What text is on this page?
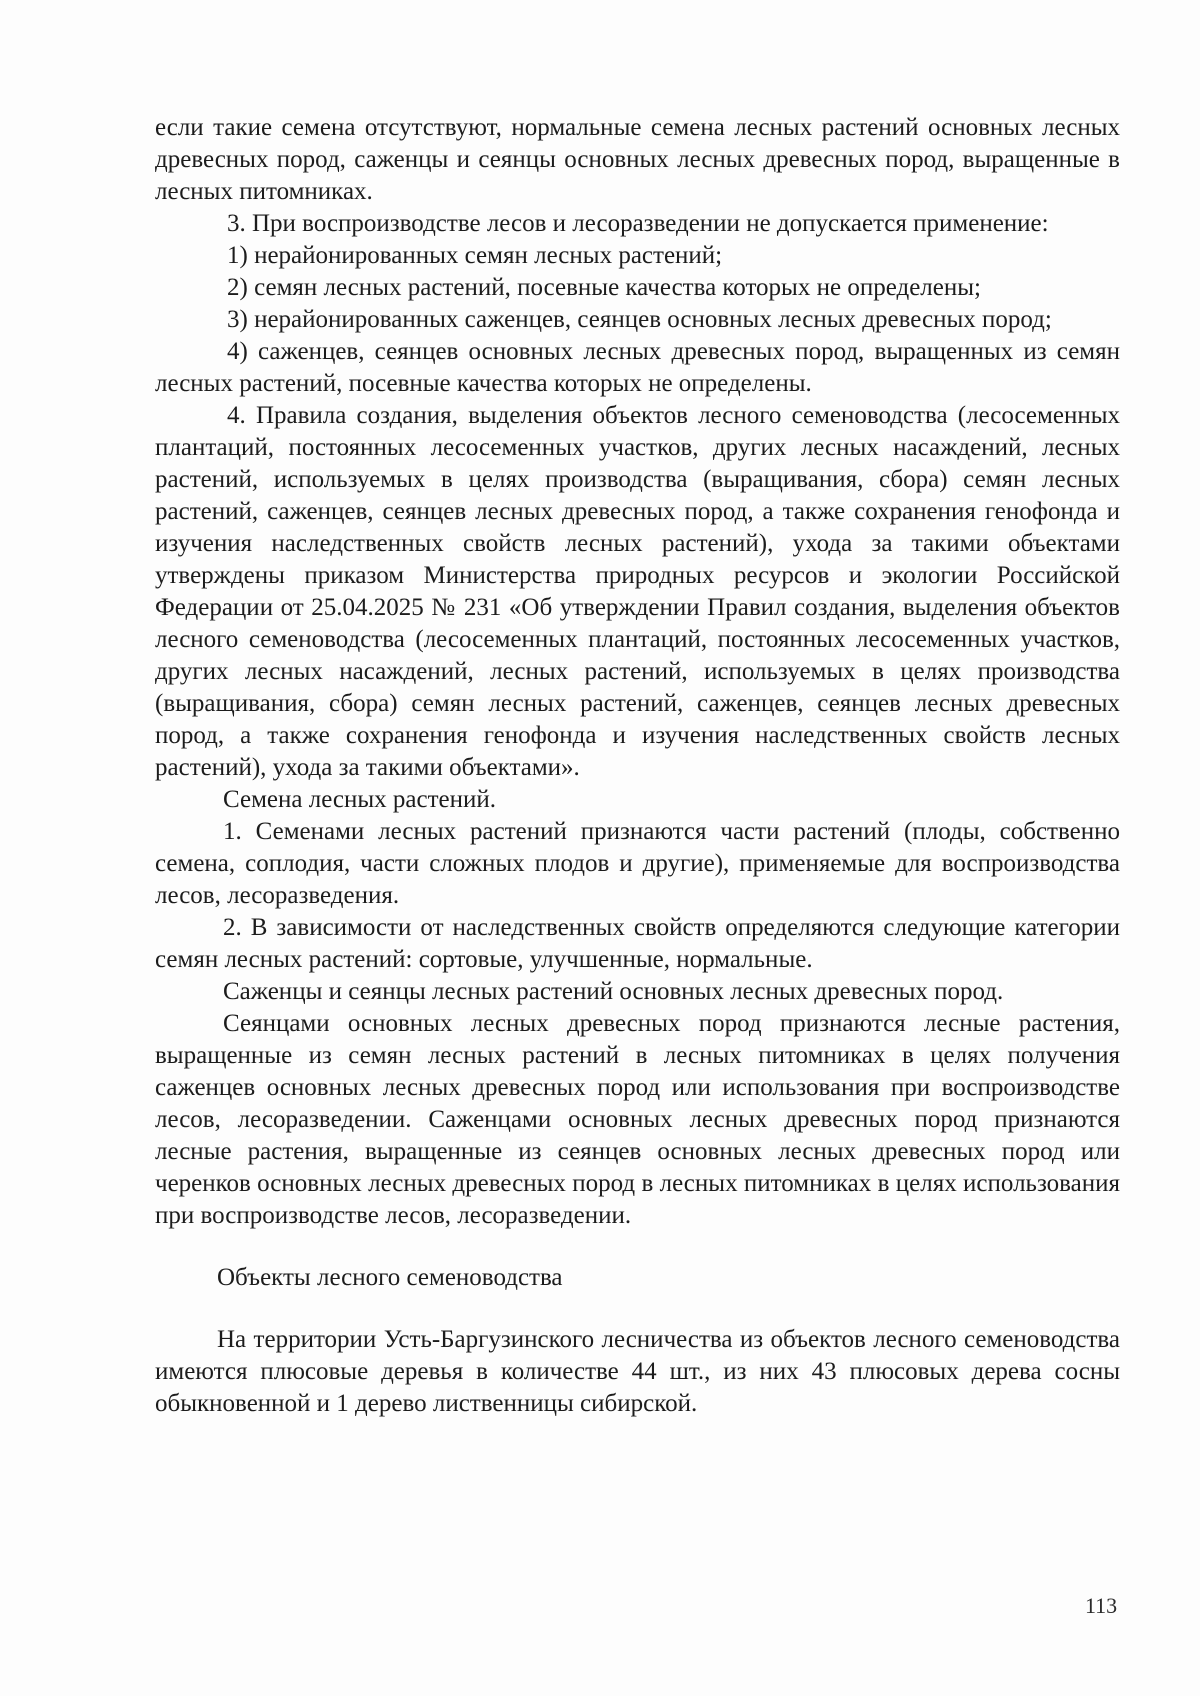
если такие семена отсутствуют, нормальные семена лесных растений основных лесных древесных пород, саженцы и сеянцы основных лесных древесных пород, выращенные в лесных питомниках.

3. При воспроизводстве лесов и лесоразведении не допускается применение:

1) нерайонированных семян лесных растений;

2) семян лесных растений, посевные качества которых не определены;

3) нерайонированных саженцев, сеянцев основных лесных древесных пород;

4) саженцев, сеянцев основных лесных древесных пород, выращенных из семян лесных растений, посевные качества которых не определены.

4. Правила создания, выделения объектов лесного семеноводства (лесосеменных плантаций, постоянных лесосеменных участков, других лесных насаждений, лесных растений, используемых в целях производства (выращивания, сбора) семян лесных растений, саженцев, сеянцев лесных древесных пород, а также сохранения генофонда и изучения наследственных свойств лесных растений), ухода за такими объектами утверждены приказом Министерства природных ресурсов и экологии Российской Федерации от 25.04.2025 № 231 «Об утверждении Правил создания, выделения объектов лесного семеноводства (лесосеменных плантаций, постоянных лесосеменных участков, других лесных насаждений, лесных растений, используемых в целях производства (выращивания, сбора) семян лесных растений, саженцев, сеянцев лесных древесных пород, а также сохранения генофонда и изучения наследственных свойств лесных растений), ухода за такими объектами».

Семена лесных растений.

1. Семенами лесных растений признаются части растений (плоды, собственно семена, соплодия, части сложных плодов и другие), применяемые для воспроизводства лесов, лесоразведения.

2. В зависимости от наследственных свойств определяются следующие категории семян лесных растений: сортовые, улучшенные, нормальные.

Саженцы и сеянцы лесных растений основных лесных древесных пород.

Сеянцами основных лесных древесных пород признаются лесные растения, выращенные из семян лесных растений в лесных питомниках в целях получения саженцев основных лесных древесных пород или использования при воспроизводстве лесов, лесоразведении. Саженцами основных лесных древесных пород признаются лесные растения, выращенные из сеянцев основных лесных древесных пород или черенков основных лесных древесных пород в лесных питомниках в целях использования при воспроизводстве лесов, лесоразведении.

Объекты лесного семеноводства

На территории Усть-Баргузинского лесничества из объектов лесного семеноводства имеются плюсовые деревья в количестве 44 шт., из них 43 плюсовых дерева сосны обыкновенной и 1 дерево лиственницы сибирской.

113
